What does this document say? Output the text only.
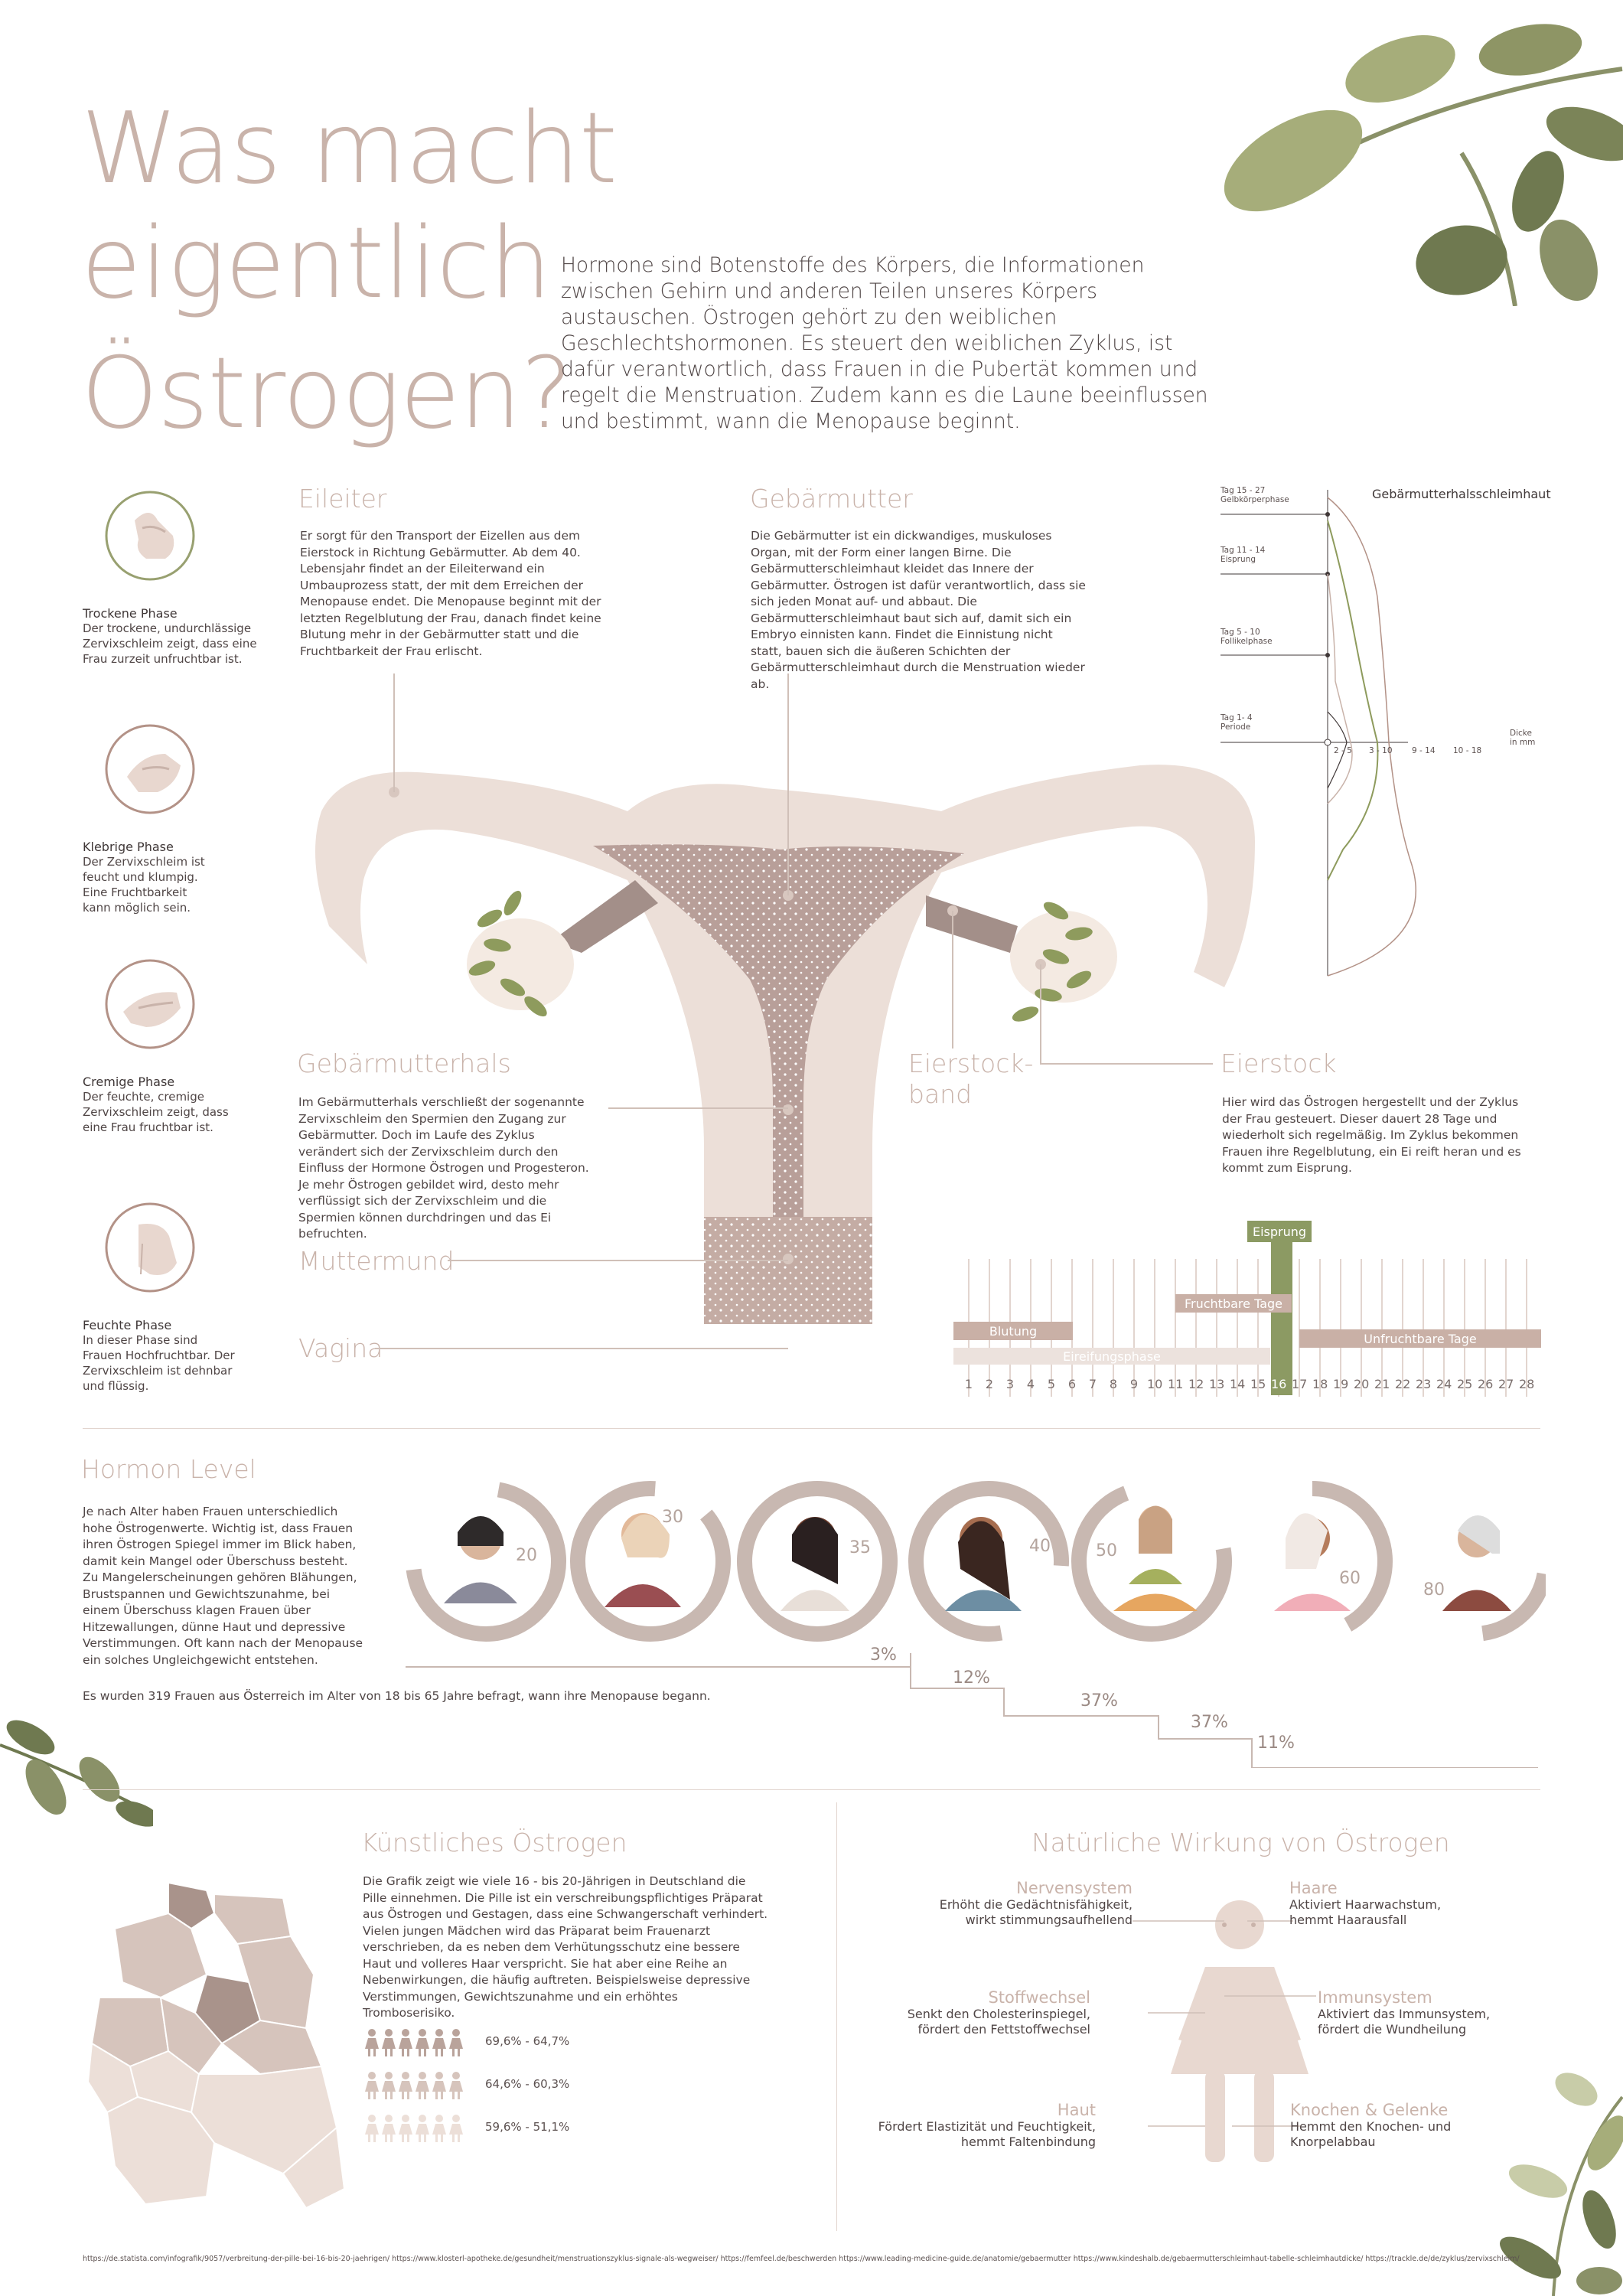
Was macht eigentlich
Östrogen?
Hormone sind Botenstoffe des Körpers, die Informationen zwischen Gehirn und anderen Teilen unseres Körpers austauschen. Östrogen gehört zu den weiblichen Geschlechtshormonen. Es steuert den weiblichen Zyklus, ist dafür verantwortlich, dass Frauen in die Pubertät kommen und regelt die Menstruation. Zudem kann es die Laune beeinflussen und bestimmt, wann die Menopause beginnt.
Trockene Phase
Der trockene, undurchlässige Zervixschleim zeigt, dass eine Frau zurzeit unfruchtbar ist.
Klebrige Phase
Der Zervixschleim ist feucht und klumpig. Eine Fruchtbarkeit kann möglich sein.
Cremige Phase
Der feuchte, cremige Zervixschleim zeigt, dass eine Frau fruchtbar ist.
Feuchte Phase
In dieser Phase sind Frauen Hochfruchtbar. Der Zervixschleim ist dehnbar und flüssig.
Eileiter
Er sorgt für den Transport der Eizellen aus dem Eierstock in Richtung Gebärmutter. Ab dem 40. Lebensjahr findet an der Eileiterwand ein Umbauprozess statt, der mit dem Erreichen der Menopause endet. Die Menopause beginnt mit der letzten Regelblutung der Frau, danach findet keine Blutung mehr in der Gebärmutter statt und die Fruchtbarkeit der Frau erlischt.
Gebärmutter
Die Gebärmutter ist ein dickwandiges, muskuloses Organ, mit der Form einer langen Birne. Die Gebärmutterschleimhaut kleidet das Innere der Gebärmutter. Östrogen ist dafür verantwortlich, dass sie sich jeden Monat auf- und abbaut. Die Gebärmutterschleimhaut baut sich auf, damit sich ein Embryo einnisten kann. Findet die Einnistung nicht statt, bauen sich die äußeren Schichten der Gebärmutterschleimhaut durch die Menstruation wieder ab.
Gebärmutterhals
Im Gebärmutterhals verschließt der sogenannte Zervixschleim den Spermien den Zugang zur Gebärmutter. Doch im Laufe des Zyklus verändert sich der Zervixschleim durch den Einfluss der Hormone Östrogen und Progesteron. Je mehr Östrogen gebildet wird, desto mehr verflüssigt sich der Zervixschleim und die Spermien können durchdringen und das Ei befruchten.
Muttermund
Vagina
Eierstock-
band
Eierstock
Hier wird das Östrogen hergestellt und der Zyklus der Frau gesteuert. Dieser dauert 28 Tage und wiederholt sich regelmäßig. Im Zyklus bekommen Frauen ihre Regelblutung, ein Ei reift heran und es kommt zum Eisprung.
Gebärmutterhalsschleimhaut
Tag 15 - 27
Gelbkörperphase
Tag 11 - 14
Eisprung
Tag 5 - 10
Follikelphase
Tag 1- 4
Periode
2 - 5 3 - 10 9 - 14 10 - 18
Dicke
in mm
Eisprung
Fruchtbare Tage
Blutung
Unfruchtbare Tage
Eireifungsphase
1	2	3	4	5	6	7	8	9 10 11 12 13 14 15 16 17 18 19 20 21 22 23 24 25 26 27 28
Hormon Level
Je nach Alter haben Frauen unterschiedlich hohe Östrogenwerte. Wichtig ist, dass Frauen ihren Östrogen Spiegel immer im Blick haben, damit kein Mangel oder Überschuss besteht. Zu Mangelerscheinungen gehören Blähungen, Brustspannen und Gewichtszunahme, bei einem Überschuss klagen Frauen über Hitzewallungen, dünne Haut und depressive Verstimmungen. Oft kann nach der Menopause ein solches Ungleichgewicht entstehen.
Es wurden 319 Frauen aus Österreich im Alter von 18 bis 65 Jahre befragt, wann ihre Menopause begann.
20
30
35	40	50
60
80
3%
12%
37%
37%
11%
Künstliches Östrogen
Die Grafik zeigt wie viele 16 - bis 20-Jährigen in Deutschland die Pille einnehmen. Die Pille ist ein verschreibungspflichtiges Präparat aus Östrogen und Gestagen, dass eine Schwangerschaft verhindert. Vielen jungen Mädchen wird das Präparat beim Frauenarzt verschrieben, da es neben dem Verhütungsschutz eine bessere Haut und volleres Haar verspricht. Sie hat aber eine Reihe an Nebenwirkungen, die häufig auftreten. Beispielsweise depressive Verstimmungen, Gewichtszunahme und ein erhöhtes Tromboserisiko.
69,6% - 64,7%
64,6% - 60,3%
59,6% - 51,1%
Natürliche Wirkung von Östrogen
Nervensystem
Erhöht die Gedächtnisfähigkeit,
wirkt stimmungsaufhellend
Haare
Aktiviert Haarwachstum,
hemmt Haarausfall
Stoffwechsel
Senkt den Cholesterinspiegel,
fördert den Fettstoffwechsel
Immunsystem
Aktiviert das Immunsystem,
fördert die Wundheilung
Haut
Fördert Elastizität und Feuchtigkeit,
hemmt Faltenbindung
Knochen & Gelenke
Hemmt den Knochen- und
Knorpelabbau
https://de.statista.com/infografik/9057/verbreitung-der-pille-bei-16-bis-20-jaehrigen/ https://www.klosterl-apotheke.de/gesundheit/menstruationszyklus-signale-als-wegweiser/ https://femfeel.de/beschwerden https://www.leading-medicine-guide.de/anatomie/gebaermutter https://www.kindeshalb.de/gebaermutterschleimhaut-tabelle-schleimhautdicke/ https://trackle.de/de/zyklus/zervixschleim/
